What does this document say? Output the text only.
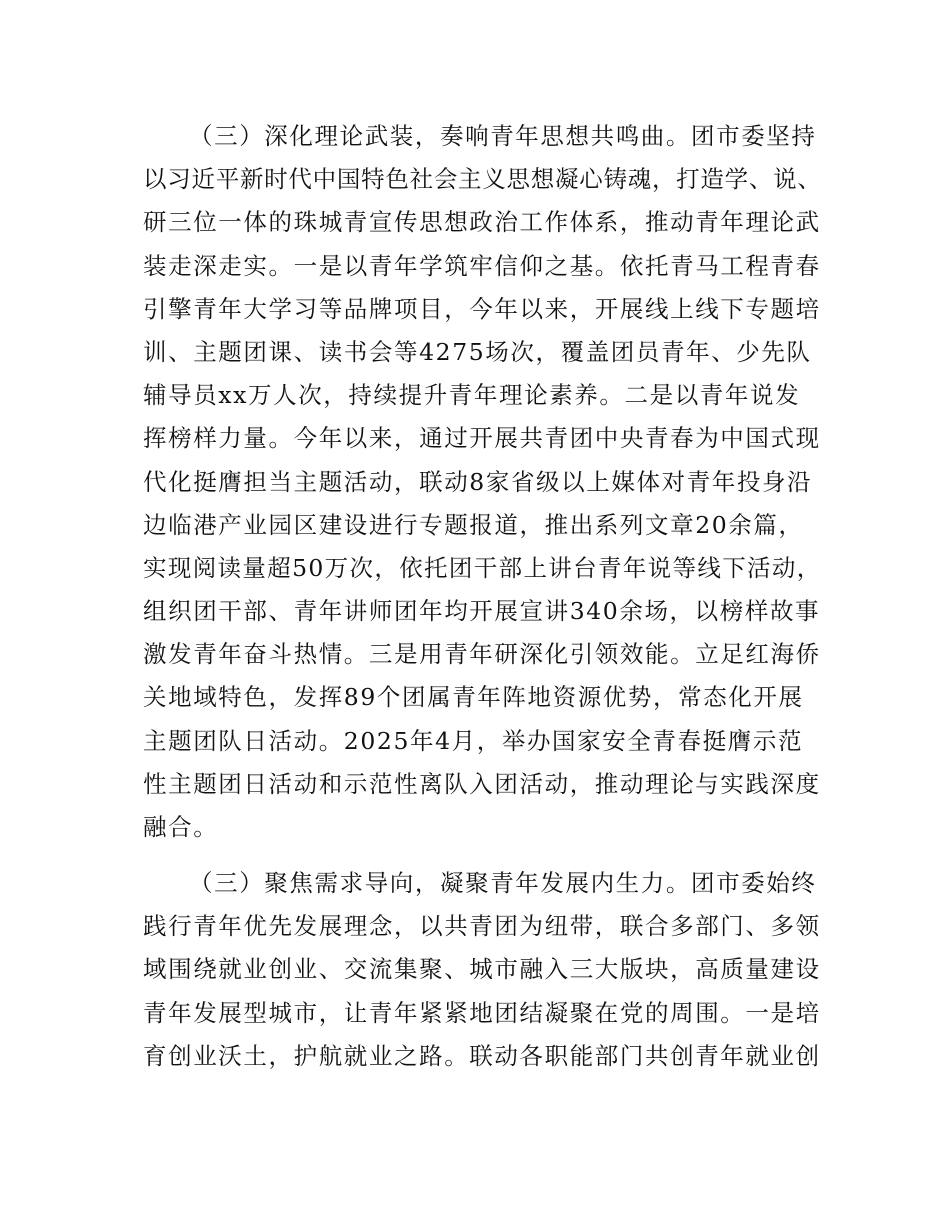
（三）深化理论武装，奏响青年思想共鸣曲。团市委坚持
以习近平新时代中国特色社会主义思想凝心铸魂，打造学、说、
研三位一体的珠城青宣传思想政治工作体系，推动青年理论武
装走深走实。一是以青年学筑牢信仰之基。依托青马工程青春
引擎青年大学习等品牌项目，今年以来，开展线上线下专题培
训、主题团课、读书会等4275场次，覆盖团员青年、少先队
辅导员xx万人次，持续提升青年理论素养。二是以青年说发
挥榜样力量。今年以来，通过开展共青团中央青春为中国式现
代化挺膺担当主题活动，联动8家省级以上媒体对青年投身沿
边临港产业园区建设进行专题报道，推出系列文章20余篇，
实现阅读量超50万次，依托团干部上讲台青年说等线下活动，
组织团干部、青年讲师团年均开展宣讲340余场，以榜样故事
激发青年奋斗热情。三是用青年研深化引领效能。立足红海侨
关地域特色，发挥89个团属青年阵地资源优势，常态化开展
主题团队日活动。2025年4月，举办国家安全青春挺膺示范
性主题团日活动和示范性离队入团活动，推动理论与实践深度
融合。
（三）聚焦需求导向，凝聚青年发展内生力。团市委始终
践行青年优先发展理念，以共青团为纽带，联合多部门、多领
域围绕就业创业、交流集聚、城市融入三大版块，高质量建设
青年发展型城市，让青年紧紧地团结凝聚在党的周围。一是培
育创业沃土，护航就业之路。联动各职能部门共创青年就业创
